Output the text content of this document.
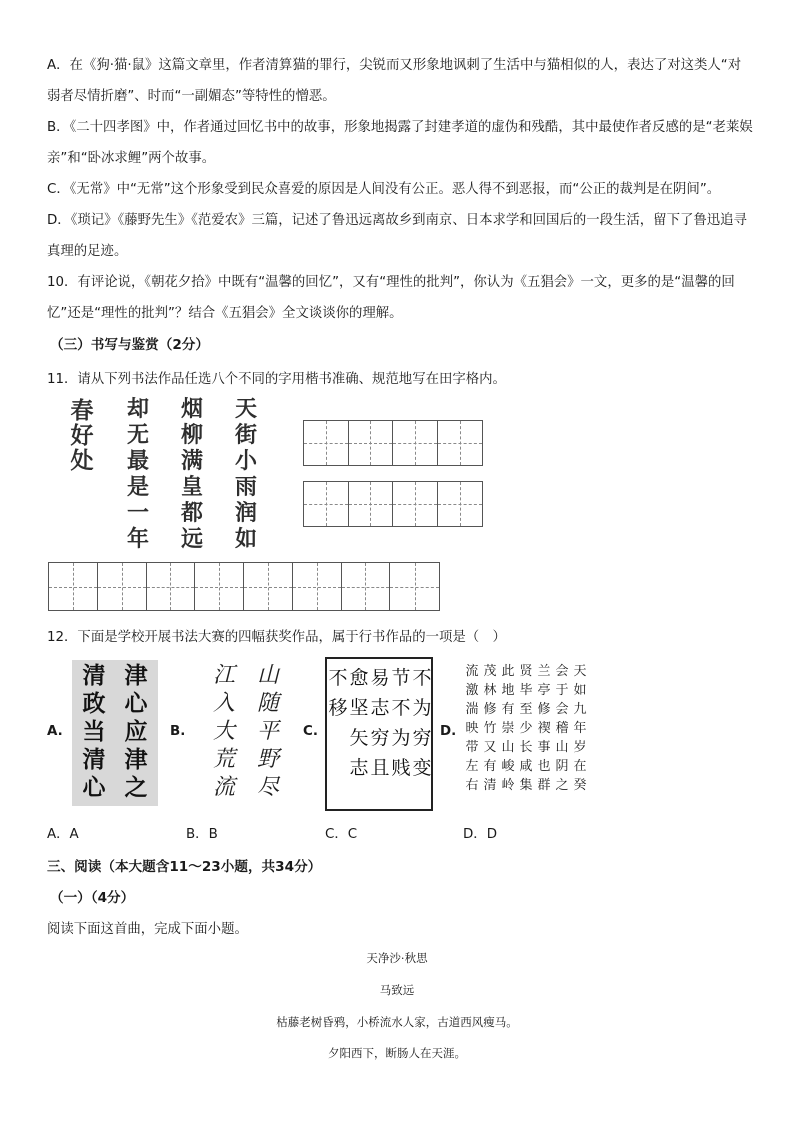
A．在《狗·猫·鼠》这篇文章里，作者清算猫的罪行，尖锐而又形象地讽刺了生活中与猫相似的人，表达了对这类人“对弱者尽情折磨”、时而“一副媚态”等特性的憎恶。

B．《二十四孝图》中，作者通过回忆书中的故事，形象地揭露了封建孝道的虚伪和残酷，其中最使作者反感的是“老莱娱亲”和“卧冰求鲤”两个故事。

C．《无常》中“无常”这个形象受到民众喜爱的原因是人间没有公正。恶人得不到恶报，而“公正的裁判是在阴间”。

D．《琐记》《藤野先生》《范爱农》三篇，记述了鲁迅远离故乡到南京、日本求学和回国后的一段生活，留下了鲁迅追寻真理的足迹。

10．有评论说，《朝花夕拾》中既有“温馨的回忆”，又有“理性的批判”，你认为《五猖会》一文，更多的是“温馨的回忆”还是“理性的批判”？结合《五猖会》全文谈谈你的理解。

（三）书写与鉴赏（2分）

11．请从下列书法作品任选八个不同的字用楷书准确、规范地写在田字格内。

春
好
处
却
无
最
是
一
年
烟
柳
满
皇
都
远
天
街
小
雨
润
如

12．下面是学校开展书法大赛的四幅获奖作品，属于行书作品的一项是（　）

A.
津
心
应
津
之
清
政
当
清
心
B.
山
随
平
野
尽
江
入
大
荒
流
C.
不
为
穷
变
节
不
为
贱
易
志
穷
且
愈
坚
矢
志
不
移
D.
天
如
九
年
岁
在
癸
会
于
会
稽
山
阴
之
兰
亭
修
禊
事
也
群
贤
毕
至
少
长
咸
集
此
地
有
崇
山
峻
岭
茂
林
修
竹
又
有
清
流
激
湍
映
带
左
右
A．A	B．B	C．C	D．D

三、阅读（本大题含11～23小题，共34分）

（一）（4分）

阅读下面这首曲，完成下面小题。

天净沙·秋思

马致远

枯藤老树昏鸦，小桥流水人家，古道西风瘦马。

夕阳西下，断肠人在天涯。
